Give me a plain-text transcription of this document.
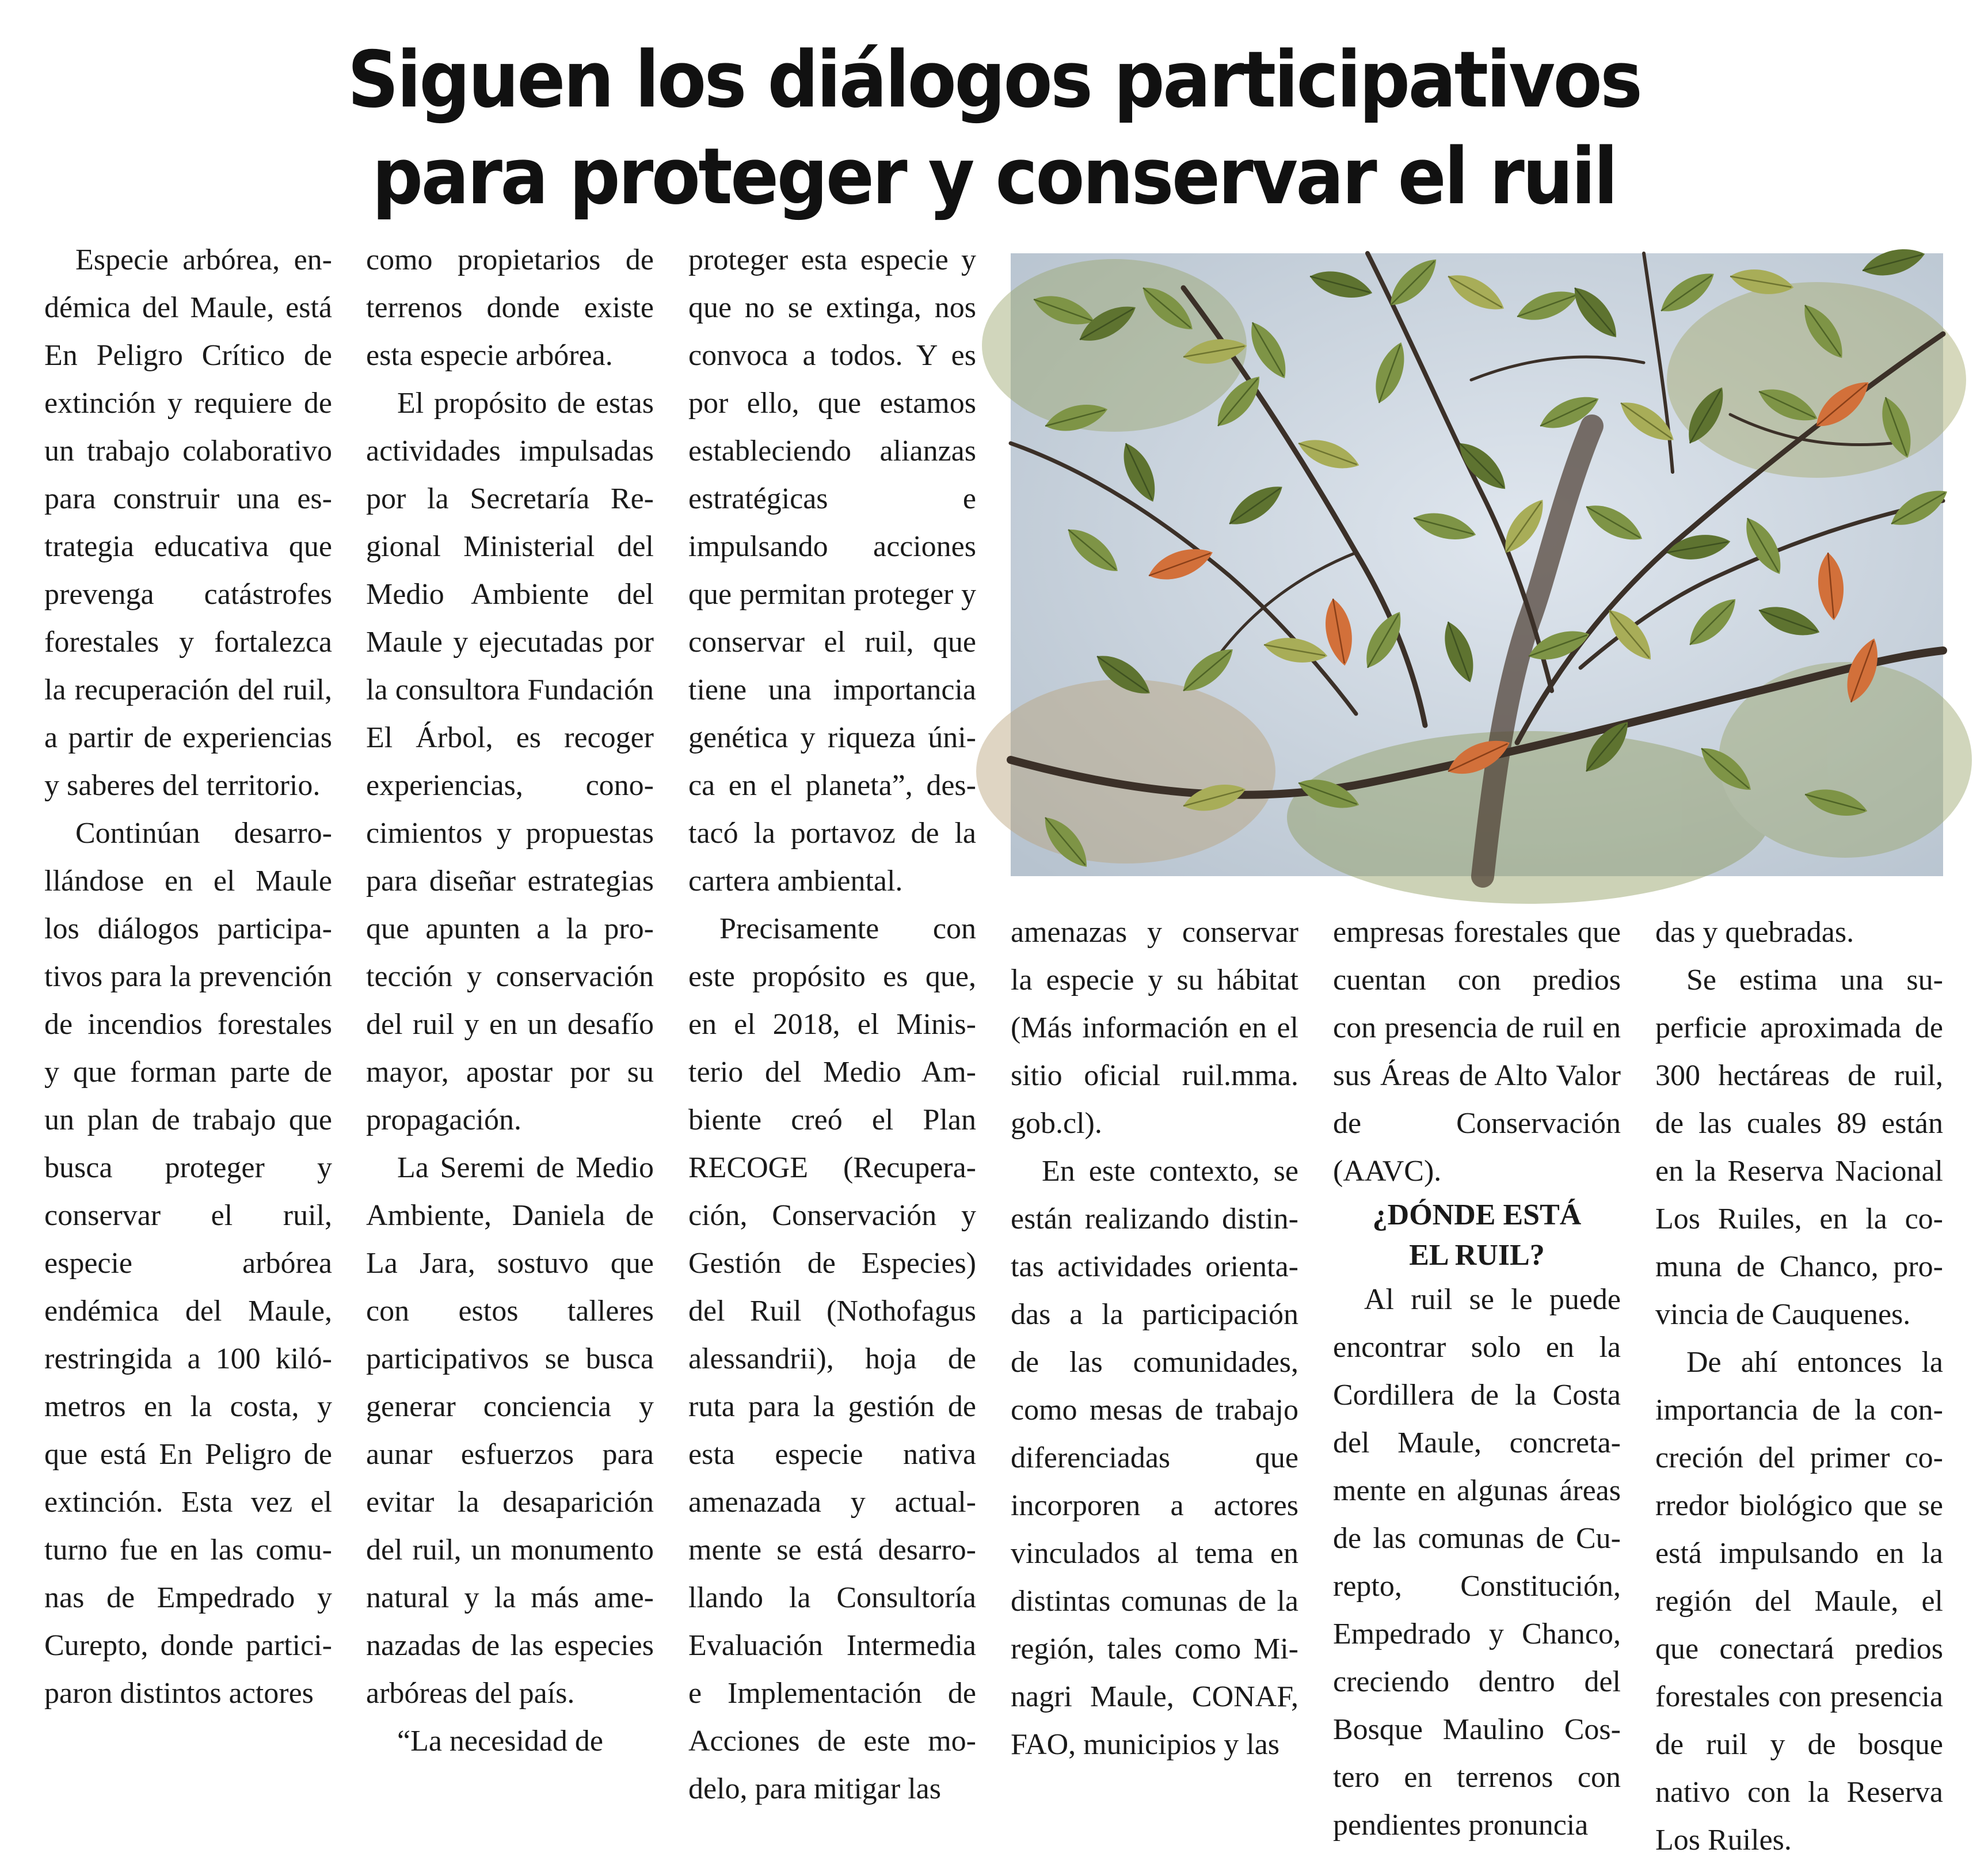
Siguen los diálogos participativos
para proteger y conservar el ruil

Especie arbórea, endémica del Maule, está En Peligro Crítico de extinción y requiere de un trabajo colaborativo para construir una estrategia educativa que prevenga catástrofes forestales y fortalezca la recuperación del ruil, a partir de experiencias y saberes del territorio.

Continúan desarrollándose en el Maule los diálogos participativos para la prevención de incendios forestales y que forman parte de un plan de trabajo que busca proteger y conservar el ruil, especie arbórea endémica del Maule, restringida a 100 kilómetros en la costa, y que está En Peligro de extinción. Esta vez el turno fue en las comunas de Empedrado y Curepto, donde participaron distintos actores

como propietarios de terrenos donde existe esta especie arbórea.

El propósito de estas actividades impulsadas por la Secretaría Regional Ministerial del Medio Ambiente del Maule y ejecutadas por la consultora Fundación El Árbol, es recoger experiencias, conocimientos y propuestas para diseñar estrategias que apunten a la protección y conservación del ruil y en un desafío mayor, apostar por su propagación.

La Seremi de Medio Ambiente, Daniela de La Jara, sostuvo que con estos talleres participativos se busca generar conciencia y aunar esfuerzos para evitar la desaparición del ruil, un monumento natural y la más amenazadas de las especies arbóreas del país.

“La necesidad de

proteger esta especie y que no se extinga, nos convoca a todos. Y es por ello, que estamos estableciendo alianzas estratégicas e impulsando acciones que permitan proteger y conservar el ruil, que tiene una importancia genética y riqueza única en el planeta”, destacó la portavoz de la cartera ambiental.

Precisamente con este propósito es que, en el 2018, el Ministerio del Medio Ambiente creó el Plan RECOGE (Recuperación, Conservación y Gestión de Especies) del Ruil (Nothofagus alessandrii), hoja de ruta para la gestión de esta especie nativa amenazada y actualmente se está desarrollando la Consultoría Evaluación Intermedia e Implementación de Acciones de este modelo, para mitigar las

amenazas y conservar la especie y su hábitat (Más información en el sitio oficial ruil.mma. gob.cl).

En este contexto, se están realizando distintas actividades orientadas a la participación de las comunidades, como mesas de trabajo diferenciadas que incorporen a actores vinculados al tema en distintas comunas de la región, tales como Minagri Maule, CONAF, FAO, municipios y las

empresas forestales que cuentan con predios con presencia de ruil en sus Áreas de Alto Valor de Conservación (AAVC).

¿DÓNDE ESTÁ
EL RUIL?

Al ruil se le puede encontrar solo en la Cordillera de la Costa del Maule, concretamente en algunas áreas de las comunas de Curepto, Constitución, Empedrado y Chanco, creciendo dentro del Bosque Maulino Costero en terrenos con pendientes pronuncia

das y quebradas.

Se estima una superficie aproximada de 300 hectáreas de ruil, de las cuales 89 están en la Reserva Nacional Los Ruiles, en la comuna de Chanco, provincia de Cauquenes.

De ahí entonces la importancia de la concreción del primer corredor biológico que se está impulsando en la región del Maule, el que conectará predios forestales con presencia de ruil y de bosque nativo con la Reserva Los Ruiles.
